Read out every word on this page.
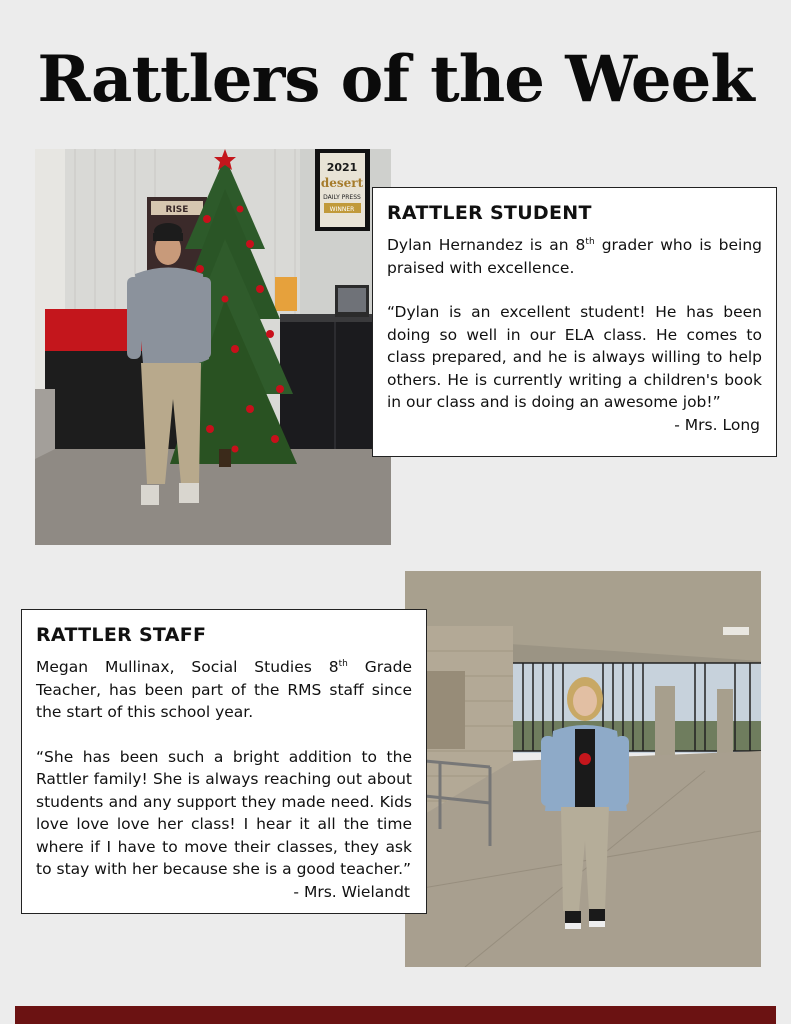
Rattlers of the Week
RISE
2021
desert
DAILY PRESS
WINNER RATTLER STUDENT

Dylan Hernandez is an 8th grader who is being praised with excellence.

“Dylan is an excellent student! He has been doing so well in our ELA class. He comes to class prepared, and he is always willing to help others. He is currently writing a children's book in our class and is doing an awesome job!”

- Mrs. Long

RATTLER STAFF

Megan Mullinax, Social Studies 8th Grade Teacher, has been part of the RMS staff since the start of this school year.

“She has been such a bright addition to the Rattler family! She is always reaching out about students and any support they made need. Kids love love love her class! I hear it all the time where if I have to move their classes, they ask to stay with her because she is a good teacher.”

- Mrs. Wielandt
